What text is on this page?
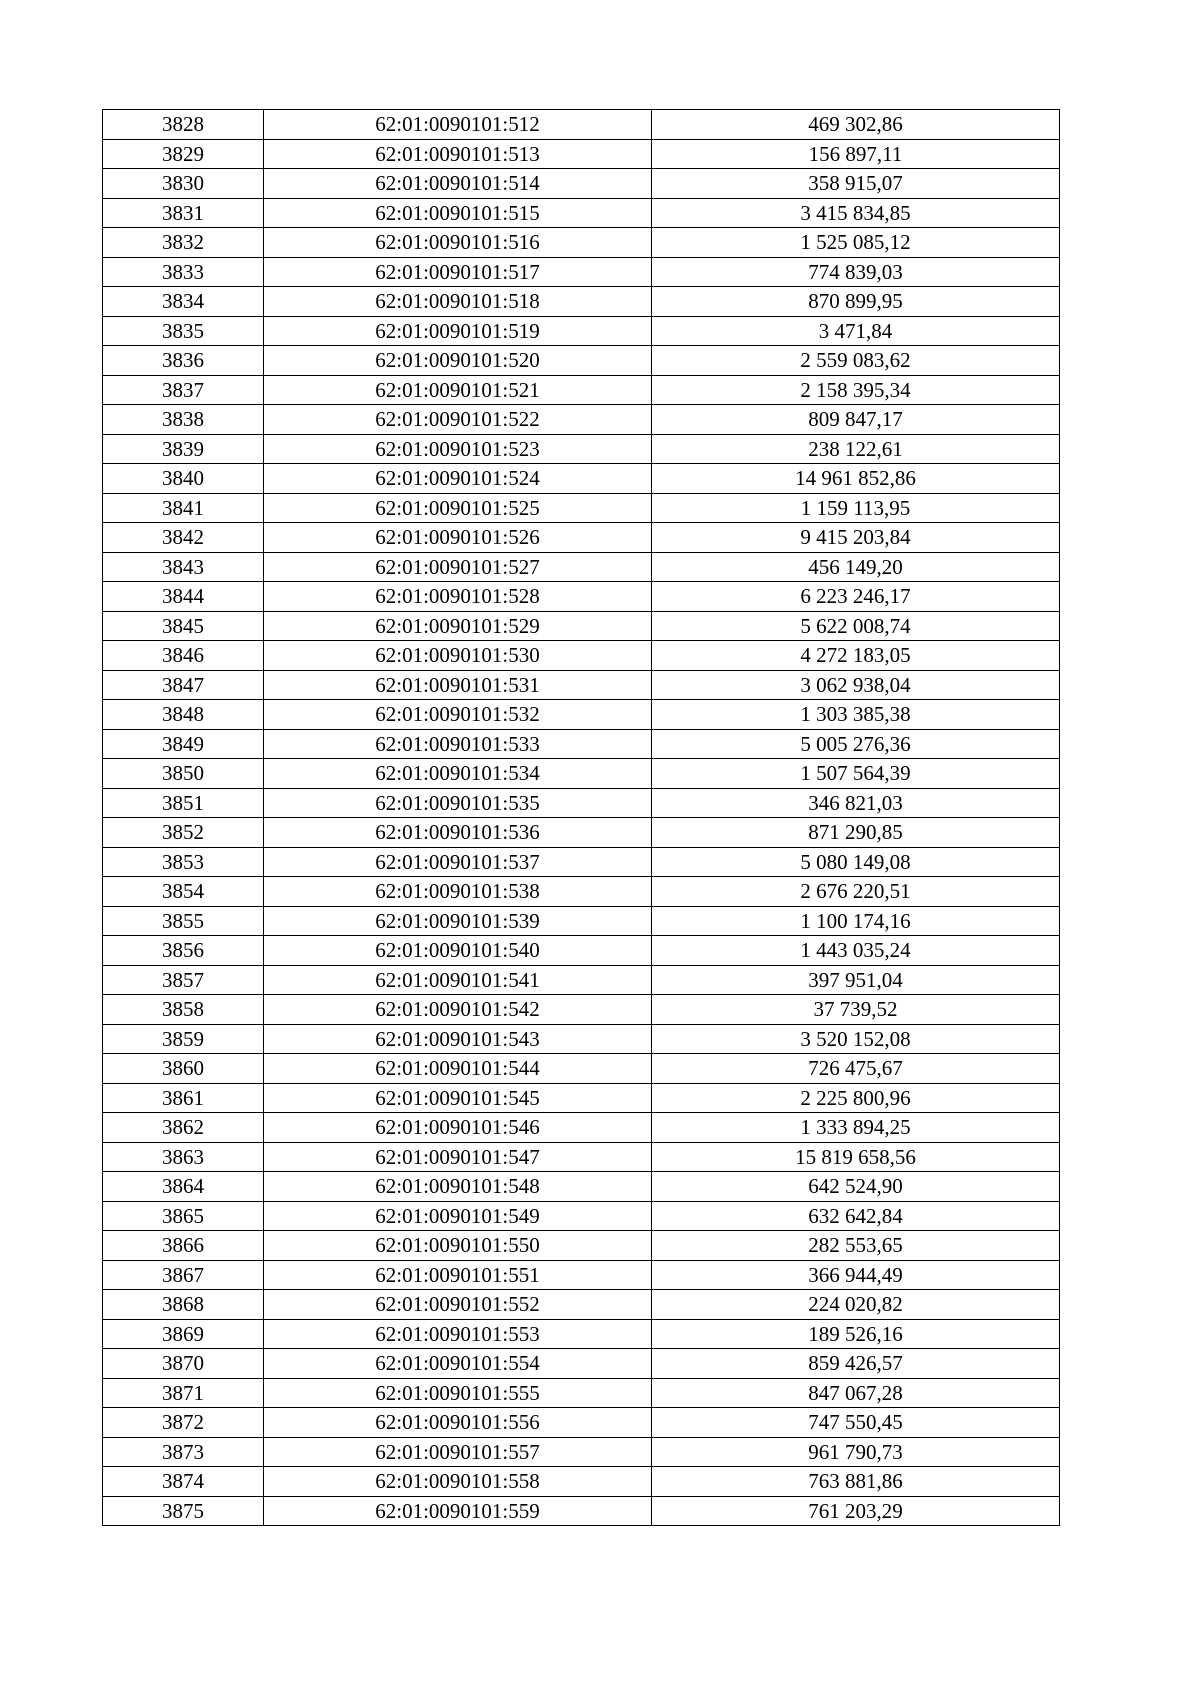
3828	62:01:0090101:512	469 302,86
3829	62:01:0090101:513	156 897,11
3830	62:01:0090101:514	358 915,07
3831	62:01:0090101:515	3 415 834,85
3832	62:01:0090101:516	1 525 085,12
3833	62:01:0090101:517	774 839,03
3834	62:01:0090101:518	870 899,95
3835	62:01:0090101:519	3 471,84
3836	62:01:0090101:520	2 559 083,62
3837	62:01:0090101:521	2 158 395,34
3838	62:01:0090101:522	809 847,17
3839	62:01:0090101:523	238 122,61
3840	62:01:0090101:524	14 961 852,86
3841	62:01:0090101:525	1 159 113,95
3842	62:01:0090101:526	9 415 203,84
3843	62:01:0090101:527	456 149,20
3844	62:01:0090101:528	6 223 246,17
3845	62:01:0090101:529	5 622 008,74
3846	62:01:0090101:530	4 272 183,05
3847	62:01:0090101:531	3 062 938,04
3848	62:01:0090101:532	1 303 385,38
3849	62:01:0090101:533	5 005 276,36
3850	62:01:0090101:534	1 507 564,39
3851	62:01:0090101:535	346 821,03
3852	62:01:0090101:536	871 290,85
3853	62:01:0090101:537	5 080 149,08
3854	62:01:0090101:538	2 676 220,51
3855	62:01:0090101:539	1 100 174,16
3856	62:01:0090101:540	1 443 035,24
3857	62:01:0090101:541	397 951,04
3858	62:01:0090101:542	37 739,52
3859	62:01:0090101:543	3 520 152,08
3860	62:01:0090101:544	726 475,67
3861	62:01:0090101:545	2 225 800,96
3862	62:01:0090101:546	1 333 894,25
3863	62:01:0090101:547	15 819 658,56
3864	62:01:0090101:548	642 524,90
3865	62:01:0090101:549	632 642,84
3866	62:01:0090101:550	282 553,65
3867	62:01:0090101:551	366 944,49
3868	62:01:0090101:552	224 020,82
3869	62:01:0090101:553	189 526,16
3870	62:01:0090101:554	859 426,57
3871	62:01:0090101:555	847 067,28
3872	62:01:0090101:556	747 550,45
3873	62:01:0090101:557	961 790,73
3874	62:01:0090101:558	763 881,86
3875	62:01:0090101:559	761 203,29
